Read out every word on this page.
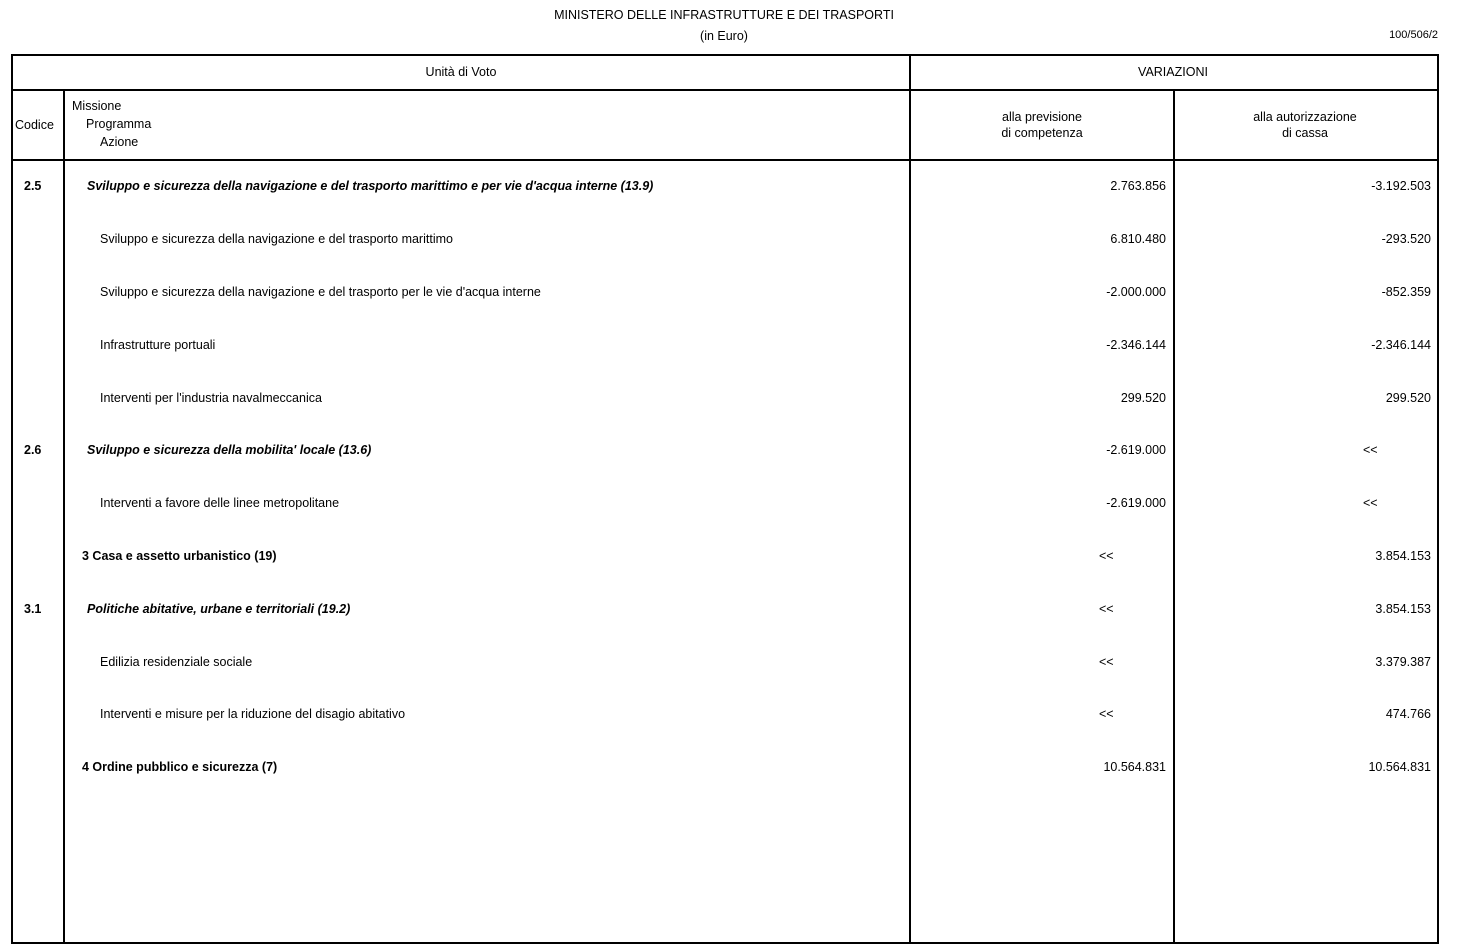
MINISTERO DELLE INFRASTRUTTURE E DEI TRASPORTI
(in Euro)	100/506/2
Unità di Voto	VARIAZIONI
Codice
Missione
Programma
Azione
alla previsione
di competenza
alla autorizzazione
di cassa
2.5	Sviluppo e sicurezza della navigazione e del trasporto marittimo e per vie d'acqua interne (13.9)	2.763.856	-3.192.503
Sviluppo e sicurezza della navigazione e del trasporto marittimo	6.810.480	-293.520
Sviluppo e sicurezza della navigazione e del trasporto per le vie d'acqua interne	-2.000.000	-852.359
Infrastrutture portuali	-2.346.144	-2.346.144
Interventi per l'industria navalmeccanica	299.520	299.520
2.6	Sviluppo e sicurezza della mobilita' locale (13.6)	-2.619.000	<<
Interventi a favore delle linee metropolitane	-2.619.000	<<
3 Casa e assetto urbanistico (19)	<<	3.854.153
3.1	Politiche abitative, urbane e territoriali (19.2)	<<	3.854.153
Edilizia residenziale sociale	<<	3.379.387
Interventi e misure per la riduzione del disagio abitativo	<<	474.766
4 Ordine pubblico e sicurezza (7)	10.564.831	10.564.831
